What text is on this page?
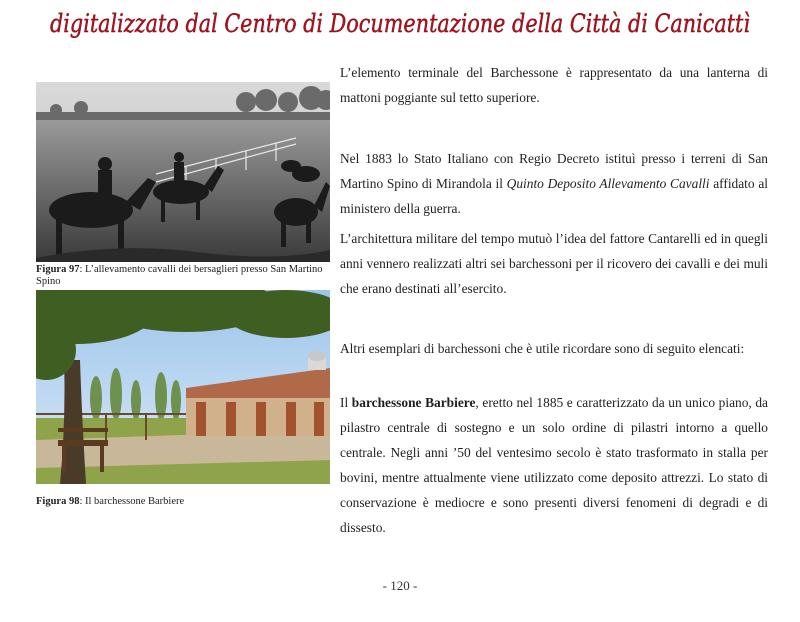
digitalizzato dal Centro di Documentazione della Città di Canicattì
Figura 97: L’allevamento cavalli dei bersaglieri presso San Martino Spino
Figura 98: Il barchessone Barbiere

L’elemento terminale del Barchessone è rappresentato da una lanterna di mattoni poggiante sul tetto superiore.

Nel 1883 lo Stato Italiano con Regio Decreto istituì presso i terreni di San Martino Spino di Mirandola il Quinto Deposito Allevamento Cavalli affidato al ministero della guerra.

L’architettura militare del tempo mutuò l’idea del fattore Cantarelli ed in quegli anni vennero realizzati altri sei barchessoni per il ricovero dei cavalli e dei muli che erano destinati all’esercito.

Altri esemplari di barchessoni che è utile ricordare sono di seguito elencati:

Il barchessone Barbiere, eretto nel 1885 e caratterizzato da un unico piano, da pilastro centrale di sostegno e un solo ordine di pilastri intorno a quello centrale. Negli anni ’50 del ventesimo secolo è stato trasformato in stalla per bovini, mentre attualmente viene utilizzato come deposito attrezzi. Lo stato di conservazione è mediocre e sono presenti diversi fenomeni di degradi e di dissesto.

- 120 -
